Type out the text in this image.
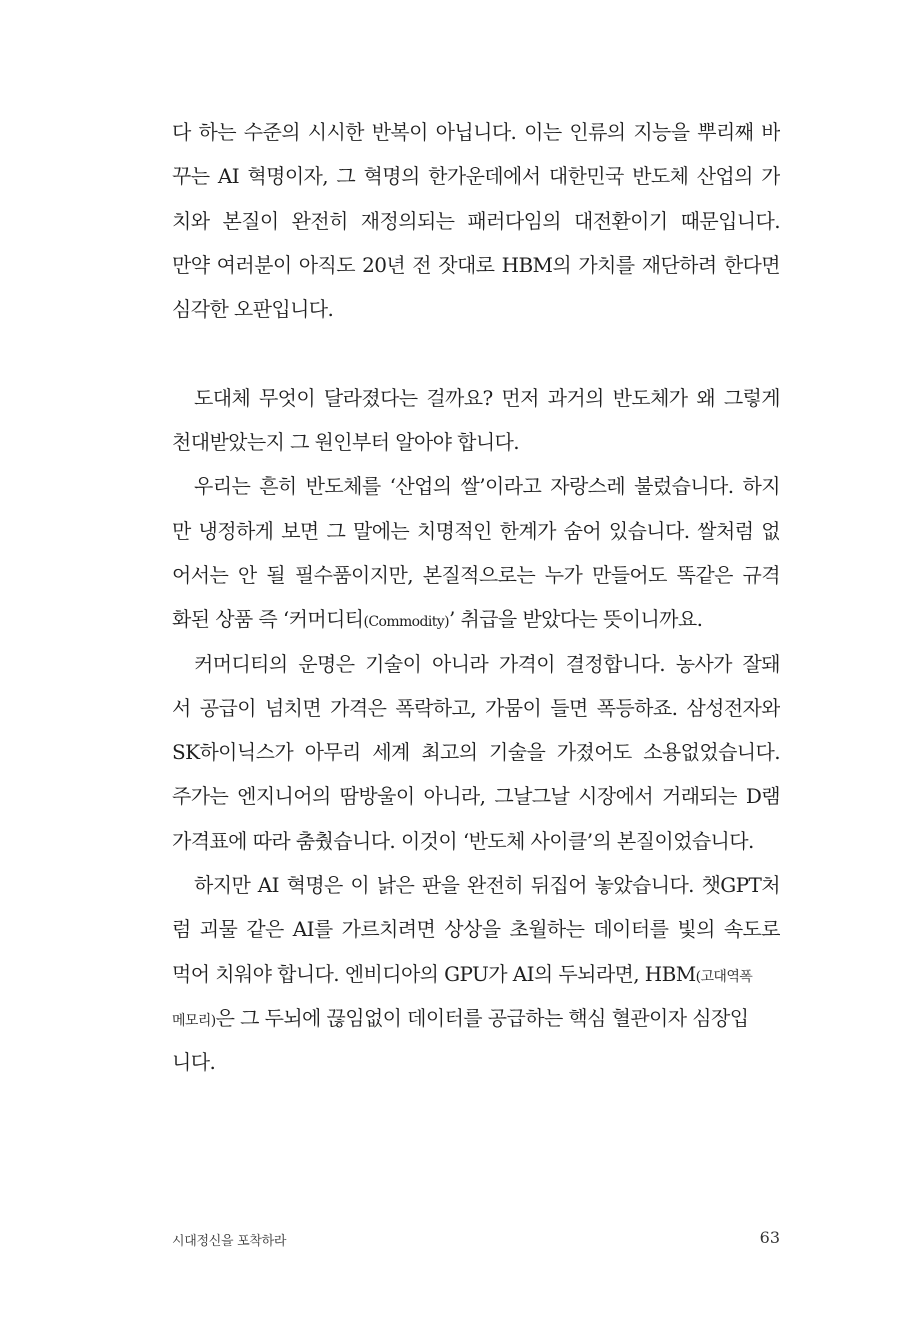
다 하는 수준의 시시한 반복이 아닙니다. 이는 인류의 지능을 뿌리째 바
꾸는 AI 혁명이자, 그 혁명의 한가운데에서 대한민국 반도체 산업의 가
치와 본질이 완전히 재정의되는 패러다임의 대전환이기 때문입니다.
만약 여러분이 아직도 20년 전 잣대로 HBM의 가치를 재단하려 한다면
심각한 오판입니다.
도대체 무엇이 달라졌다는 걸까요? 먼저 과거의 반도체가 왜 그렇게
천대받았는지 그 원인부터 알아야 합니다.
우리는 흔히 반도체를 ‘산업의 쌀’이라고 자랑스레 불렀습니다. 하지
만 냉정하게 보면 그 말에는 치명적인 한계가 숨어 있습니다. 쌀처럼 없
어서는 안 될 필수품이지만, 본질적으로는 누가 만들어도 똑같은 규격
화된 상품 즉 ‘커머디티(Commodity)’ 취급을 받았다는 뜻이니까요.
커머디티의 운명은 기술이 아니라 가격이 결정합니다. 농사가 잘돼
서 공급이 넘치면 가격은 폭락하고, 가뭄이 들면 폭등하죠. 삼성전자와
SK하이닉스가 아무리 세계 최고의 기술을 가졌어도 소용없었습니다.
주가는 엔지니어의 땀방울이 아니라, 그날그날 시장에서 거래되는 D램
가격표에 따라 춤췄습니다. 이것이 ‘반도체 사이클’의 본질이었습니다.
하지만 AI 혁명은 이 낡은 판을 완전히 뒤집어 놓았습니다. 챗GPT처
럼 괴물 같은 AI를 가르치려면 상상을 초월하는 데이터를 빛의 속도로
먹어 치워야 합니다. 엔비디아의 GPU가 AI의 두뇌라면, HBM(고대역폭
메모리)은 그 두뇌에 끊임없이 데이터를 공급하는 핵심 혈관이자 심장입
니다.
시대정신을 포착하라	63
